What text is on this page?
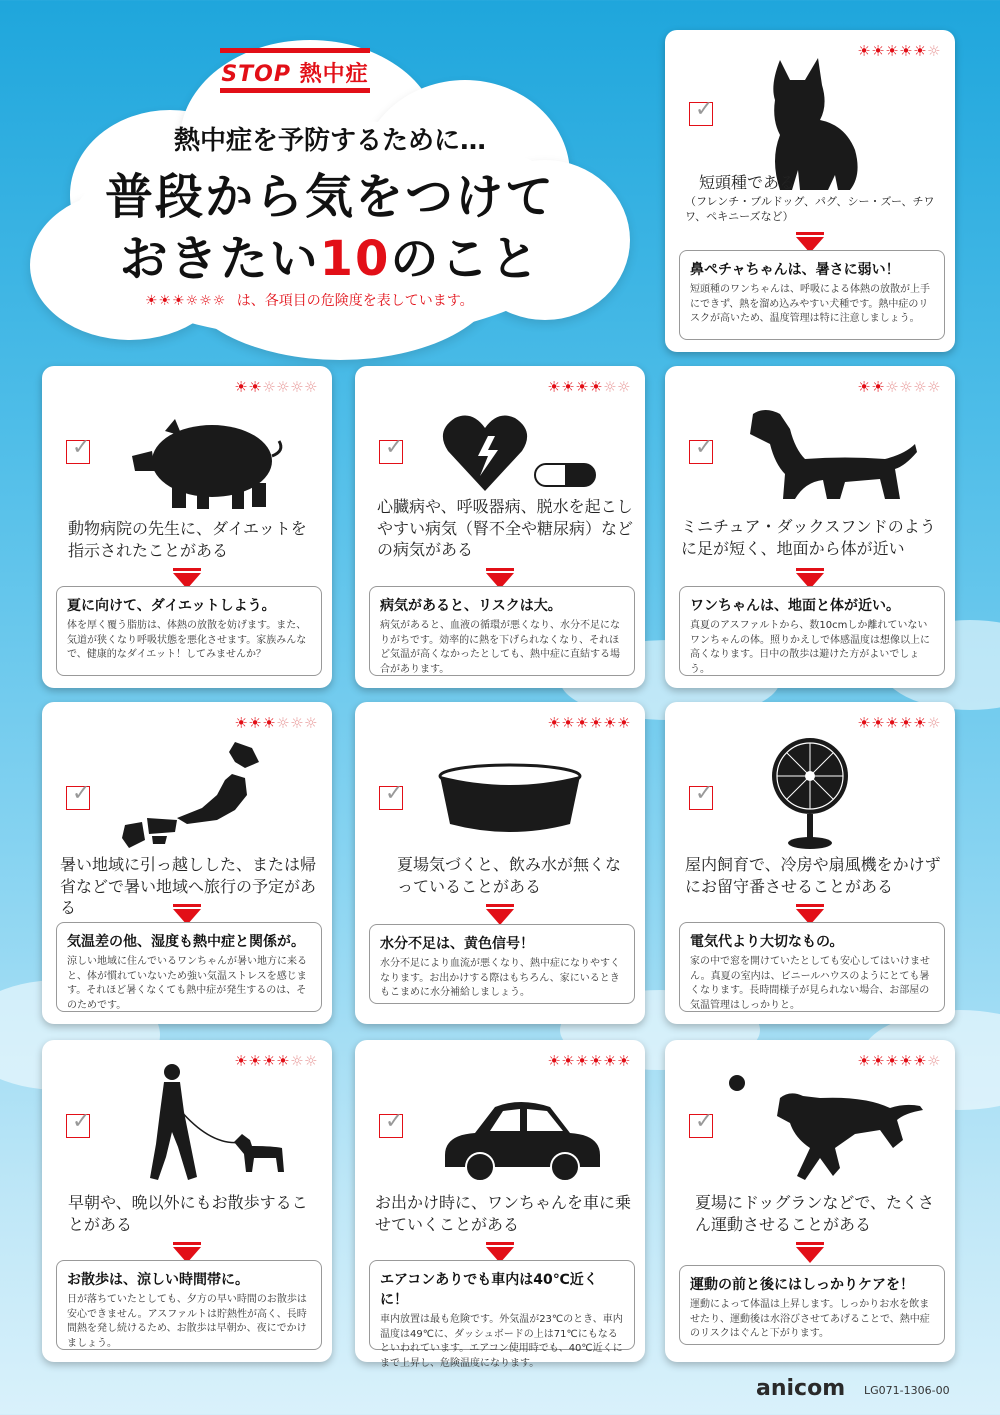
STOP 熱中症
熱中症を予防するために…
普段から気をつけて
おきたい10のこと
☀☀☀☼☼☼ は、各項目の危険度を表しています。
☀☀☀☀☀☼
✓
短頭種である
（フレンチ・ブルドッグ、パグ、シー・ズー、チワワ、ペキニーズなど）
鼻ペチャちゃんは、暑さに弱い！
短頭種のワンちゃんは、呼吸による体熱の放散が上手にできず、熱を溜め込みやすい犬種です。熱中症のリスクが高いため、温度管理は特に注意しましょう。
☀☀☼☼☼☼
✓
動物病院の先生に、ダイエットを指示されたことがある
夏に向けて、ダイエットしよう。
体を厚く覆う脂肪は、体熱の放散を妨げます。また、気道が狭くなり呼吸状態を悪化させます。家族みんなで、健康的なダイエット！してみませんか？
☀☀☀☀☼☼
✓
心臓病や、呼吸器病、脱水を起こしやすい病気（腎不全や糖尿病）などの病気がある
病気があると、リスクは大。
病気があると、血液の循環が悪くなり、水分不足になりがちです。効率的に熱を下げられなくなり、それほど気温が高くなかったとしても、熱中症に直結する場合があります。
☀☀☼☼☼☼
✓
ミニチュア・ダックスフンドのように足が短く、地面から体が近い
ワンちゃんは、地面と体が近い。
真夏のアスファルトから、数10cmしか離れていないワンちゃんの体。照りかえしで体感温度は想像以上に高くなります。日中の散歩は避けた方がよいでしょう。
☀☀☀☼☼☼
✓
暑い地域に引っ越しした、または帰省などで暑い地域へ旅行の予定がある
気温差の他、湿度も熱中症と関係が。
涼しい地域に住んでいるワンちゃんが暑い地方に来ると、体が慣れていないため強い気温ストレスを感じます。それほど暑くなくても熱中症が発生するのは、そのためです。
☀☀☀☀☀☀
✓
夏場気づくと、飲み水が無くなっていることがある
水分不足は、黄色信号！
水分不足により血流が悪くなり、熱中症になりやすくなります。お出かけする際はもちろん、家にいるときもこまめに水分補給しましょう。
☀☀☀☀☀☼
✓
屋内飼育で、冷房や扇風機をかけずにお留守番させることがある
電気代より大切なもの。
家の中で窓を開けていたとしても安心してはいけません。真夏の室内は、ビニールハウスのようにとても暑くなります。長時間様子が見られない場合、お部屋の気温管理はしっかりと。
☀☀☀☀☼☼
✓
早朝や、晩以外にもお散歩することがある
お散歩は、涼しい時間帯に。
日が落ちていたとしても、夕方の早い時間のお散歩は安心できません。アスファルトは貯熱性が高く、長時間熱を発し続けるため、お散歩は早朝か、夜にでかけましょう。
☀☀☀☀☀☀
✓
お出かけ時に、ワンちゃんを車に乗せていくことがある
エアコンありでも車内は40℃近くに！
車内放置は最も危険です。外気温が23℃のとき、車内温度は49℃に、ダッシュボードの上は71℃にもなるといわれています。エアコン使用時でも、40℃近くにまで上昇し、危険温度になります。
☀☀☀☀☀☼
✓
夏場にドッグランなどで、たくさん運動させることがある
運動の前と後にはしっかりケアを！
運動によって体温は上昇します。しっかりお水を飲ませたり、運動後は水浴びさせてあげることで、熱中症のリスクはぐんと下がります。
anicom LG071-1306-00
